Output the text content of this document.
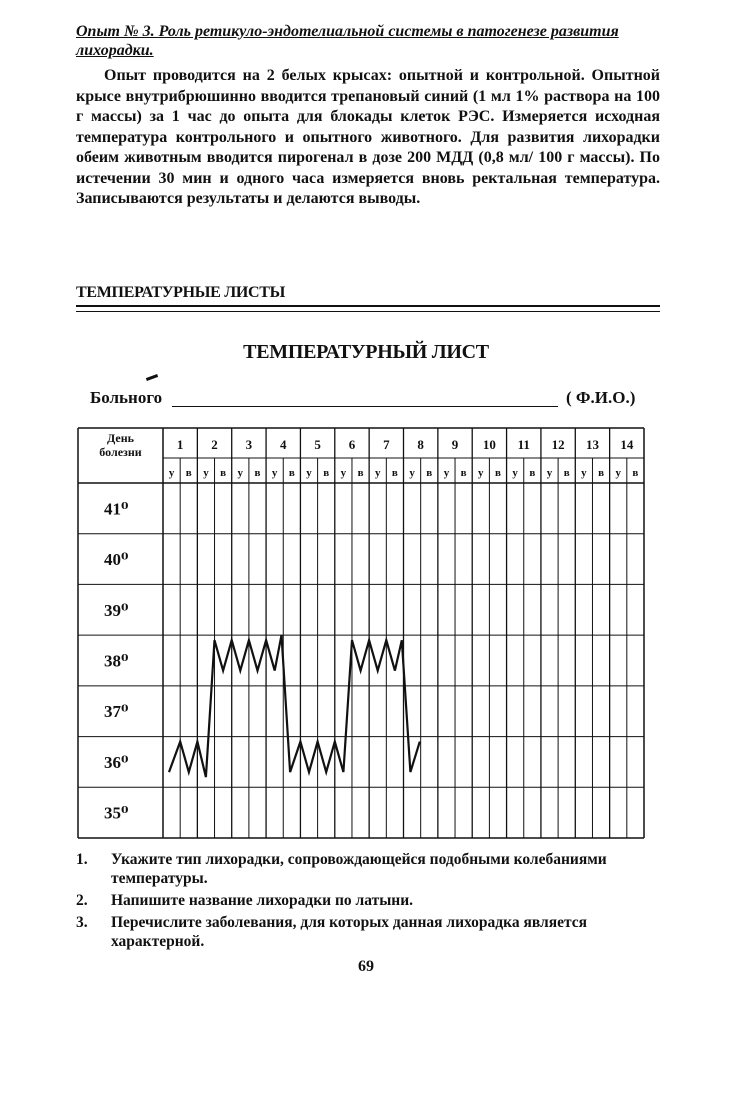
Опыт № 3. Роль ретикуло-эндотелиальной системы в патогенезе развития лихорадки.
Опыт проводится на 2 белых крысах: опытной и контрольной. Опытной крысе внутрибрюшинно вводится трепановый синий (1 мл 1% раствора на 100 г массы) за 1 час до опыта для блокады клеток РЭС. Измеряется исходная температура контрольного и опытного животного. Для развития лихорадки обеим животным вводится пирогенал в дозе 200 МДД (0,8 мл/ 100 г массы). По истечении 30 мин и одного часа измеряется вновь ректальная температура. Записываются результаты и делаются выводы.
ТЕМПЕРАТУРНЫЕ ЛИСТЫ
ТЕМПЕРАТУРНЫЙ ЛИСТ
Больного	( Ф.И.О.)
День
болезни	1 2 3 4 5 6 7 8 9 10 11 12 13 14
у в у в у в у в у в у в у в у в у в у в у в у в у в у в
41⁰
40⁰
39⁰
38⁰
37⁰
36⁰
35⁰
1. Укажите тип лихорадки, сопровождающейся подобными колебаниями температуры.
2. Напишите название лихорадки по латыни.
3. Перечислите заболевания, для которых данная лихорадка является характерной.
69
